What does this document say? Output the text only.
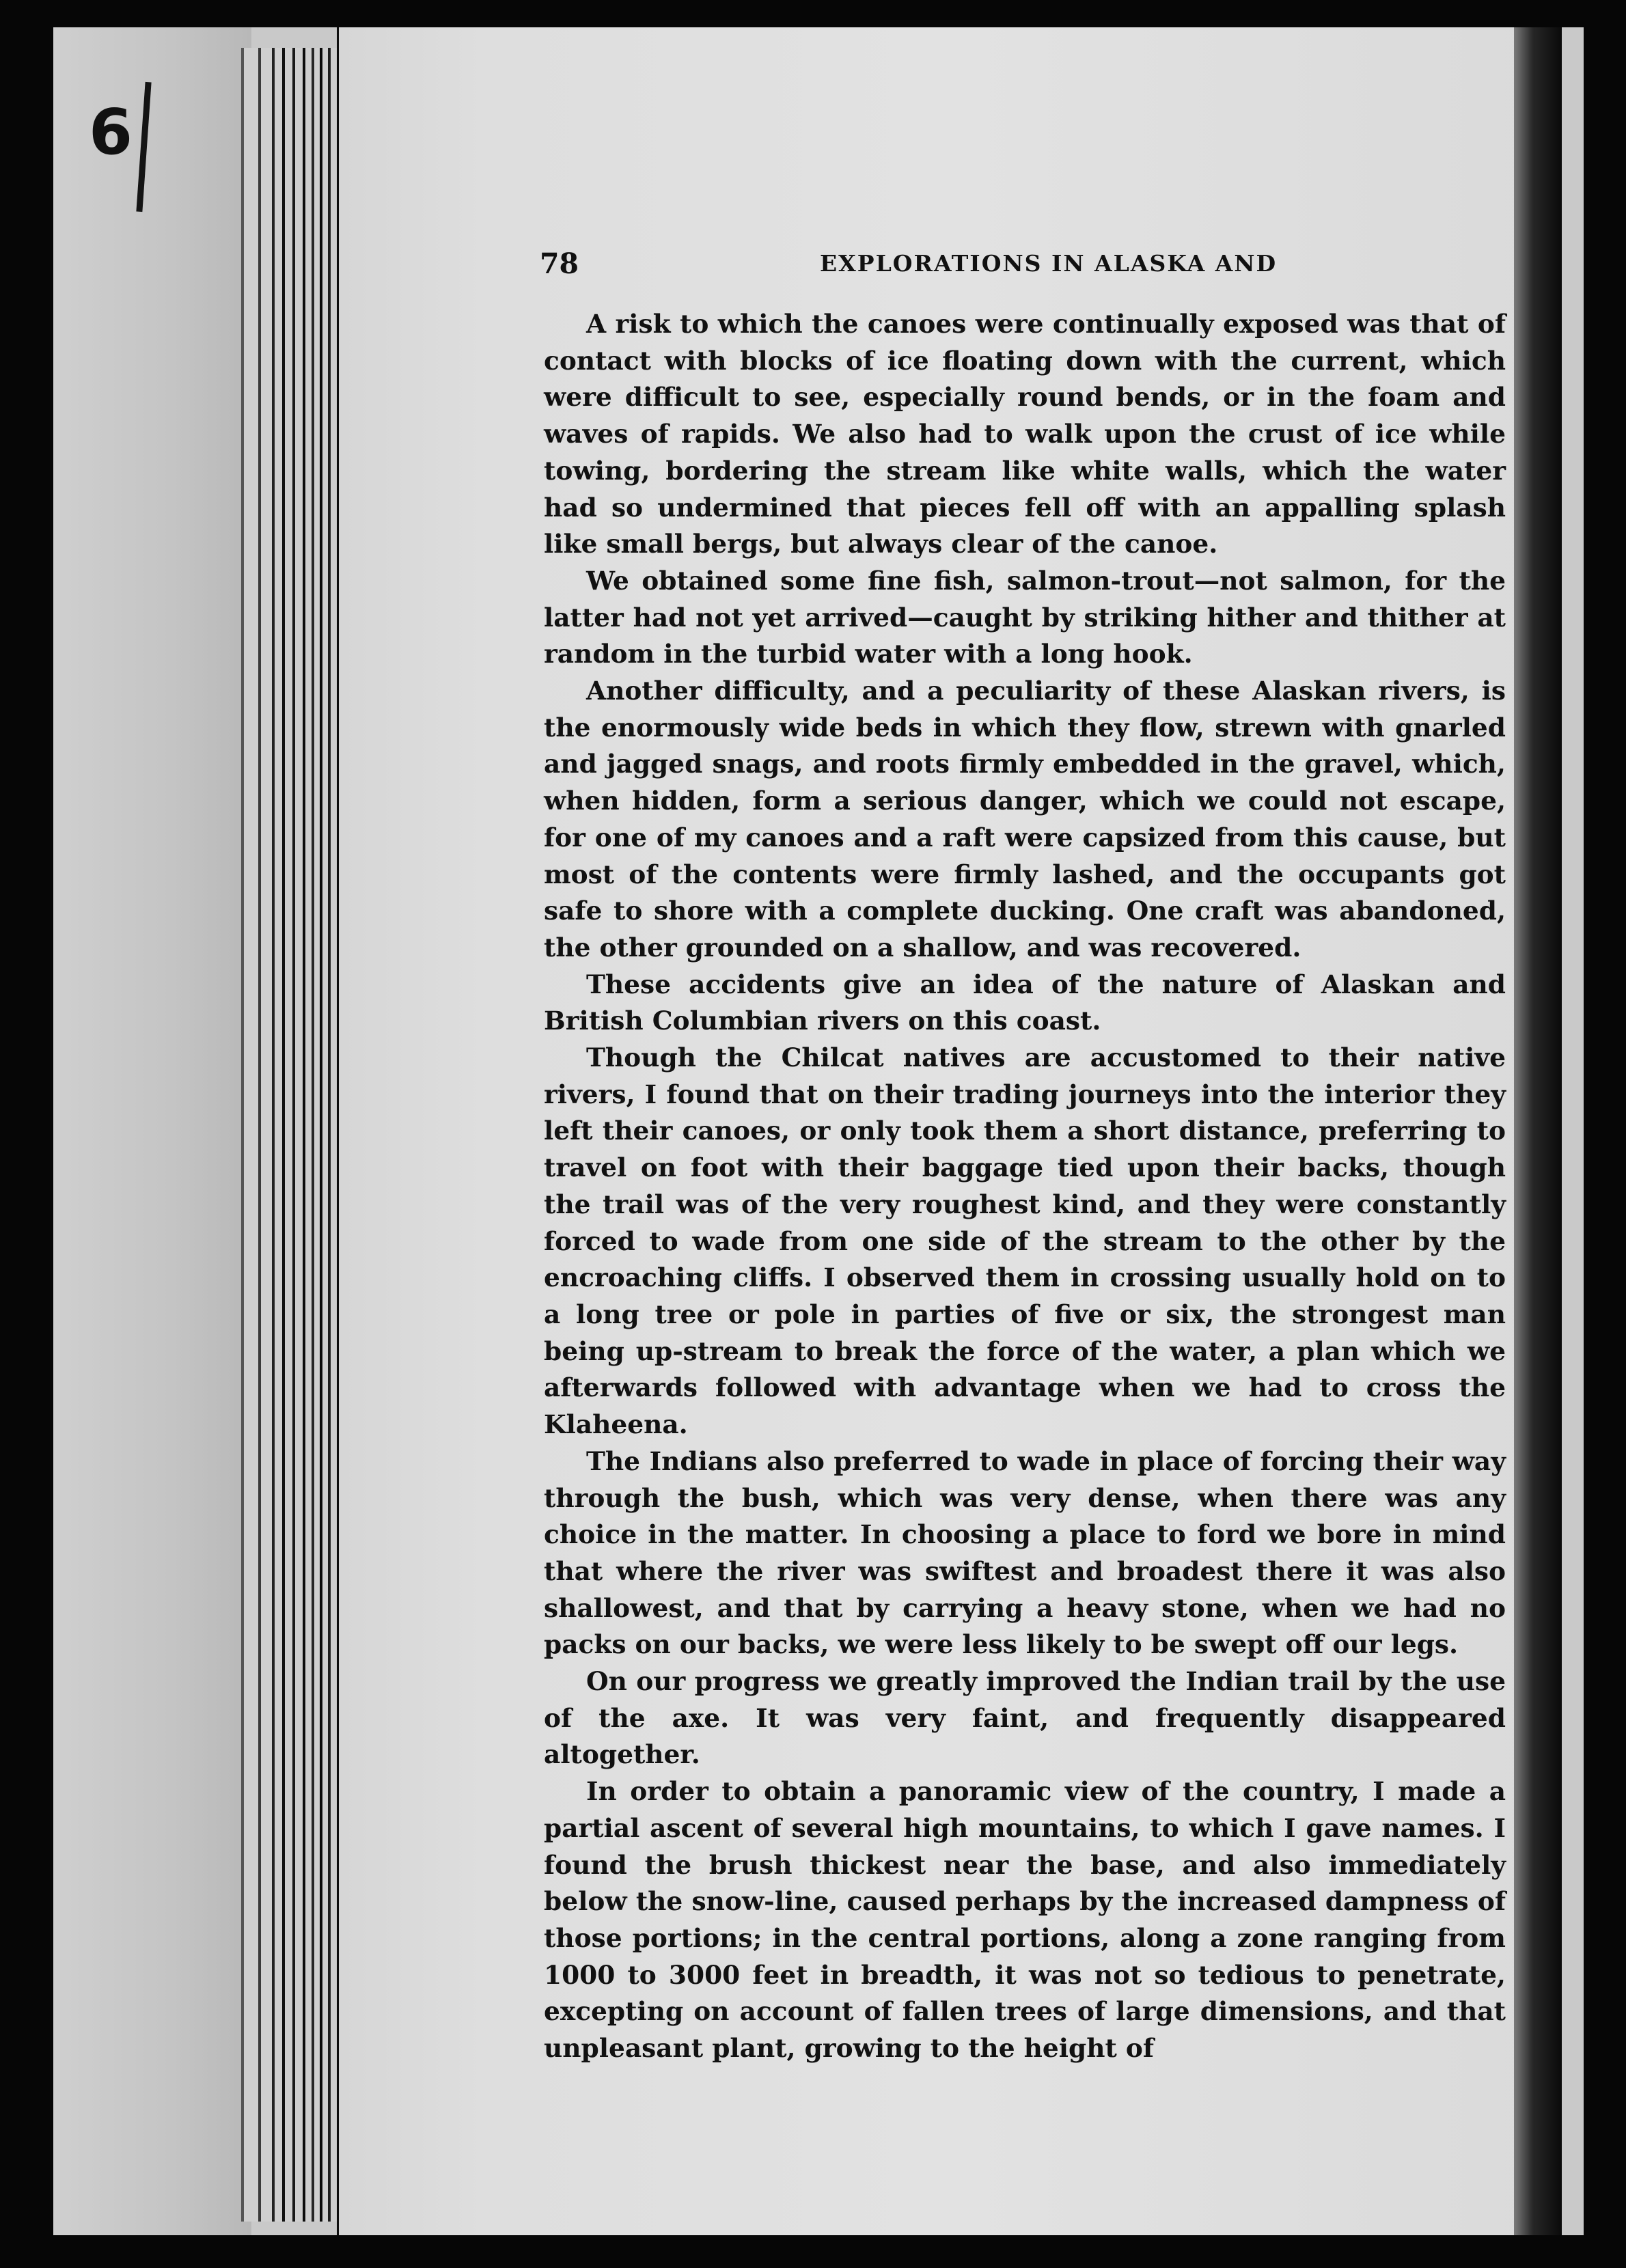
6
78	EXPLORATIONS IN ALASKA AND

A risk to which the canoes were continually exposed was that of contact with blocks of ice floating down with the current, which were difficult to see, especially round bends, or in the foam and waves of rapids. We also had to walk upon the crust of ice while towing, bordering the stream like white walls, which the water had so undermined that pieces fell off with an appalling splash like small bergs, but always clear of the canoe.

We obtained some fine fish, salmon-trout—not salmon, for the latter had not yet arrived—caught by striking hither and thither at random in the turbid water with a long hook.

Another difficulty, and a peculiarity of these Alaskan rivers, is the enormously wide beds in which they flow, strewn with gnarled and jagged snags, and roots firmly embedded in the gravel, which, when hidden, form a serious danger, which we could not escape, for one of my canoes and a raft were capsized from this cause, but most of the contents were firmly lashed, and the occupants got safe to shore with a complete ducking. One craft was abandoned, the other grounded on a shallow, and was recovered.

These accidents give an idea of the nature of Alaskan and British Columbian rivers on this coast.

Though the Chilcat natives are accustomed to their native rivers, I found that on their trading journeys into the interior they left their canoes, or only took them a short distance, preferring to travel on foot with their baggage tied upon their backs, though the trail was of the very roughest kind, and they were constantly forced to wade from one side of the stream to the other by the encroaching cliffs. I observed them in crossing usually hold on to a long tree or pole in parties of five or six, the strongest man being up-stream to break the force of the water, a plan which we afterwards followed with advantage when we had to cross the Klaheena.

The Indians also preferred to wade in place of forcing their way through the bush, which was very dense, when there was any choice in the matter. In choosing a place to ford we bore in mind that where the river was swiftest and broadest there it was also shallowest, and that by carrying a heavy stone, when we had no packs on our backs, we were less likely to be swept off our legs.

On our progress we greatly improved the Indian trail by the use of the axe. It was very faint, and frequently disappeared altogether.

In order to obtain a panoramic view of the country, I made a partial ascent of several high mountains, to which I gave names. I found the brush thickest near the base, and also immediately below the snow-line, caused perhaps by the increased dampness of those portions; in the central portions, along a zone ranging from 1000 to 3000 feet in breadth, it was not so tedious to penetrate, excepting on account of fallen trees of large dimensions, and that unpleasant plant, growing to the height of
